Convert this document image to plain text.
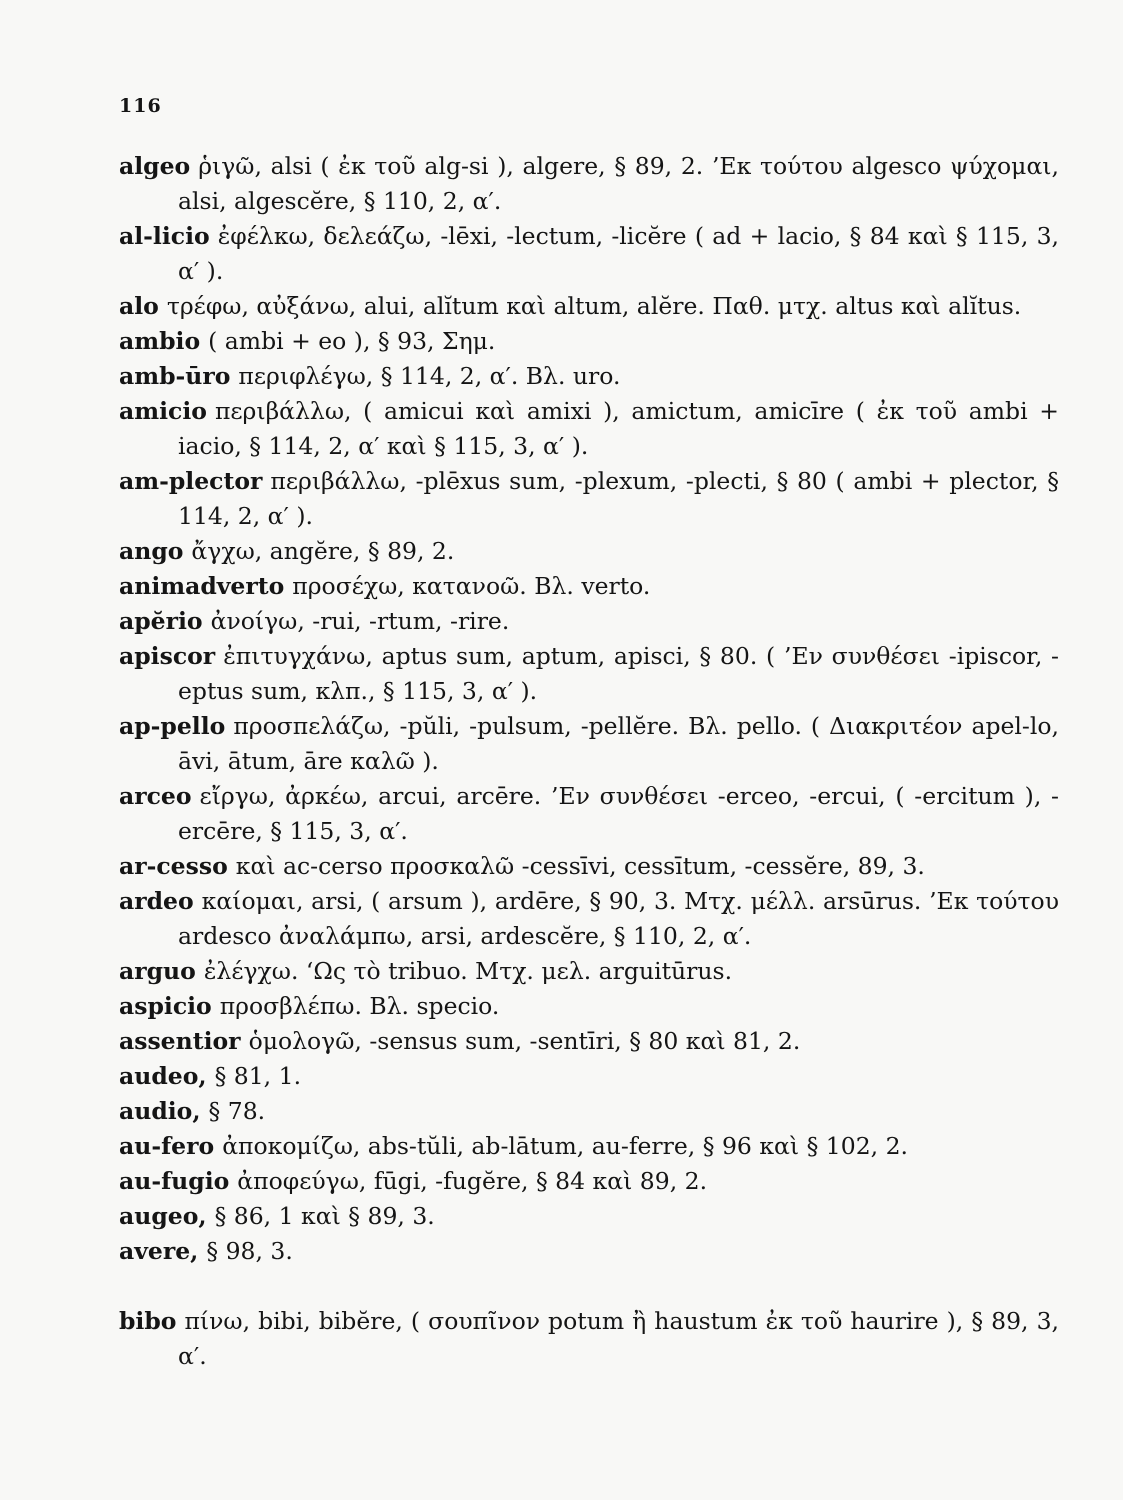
116

algeo ῥιγῶ, alsi ( ἐκ τοῦ alg-si ), algere, § 89, 2. ’Εκ τούτου algesco ψύχομαι, alsi, algescĕre, § 110, 2, α′.

al-licio ἐφέλκω, δελεάζω, -lēxi, -lectum, -licĕre ( ad + lacio, § 84 καὶ § 115, 3, α′ ).

alo τρέφω, αὐξάνω, alui, alĭtum καὶ altum, alĕre. Παθ. μτχ. altus καὶ alĭtus.

ambio ( ambi + eo ), § 93, Σημ.

amb-ūro περιφλέγω, § 114, 2, α′. Βλ. uro.

amicio περιβάλλω, ( amicui καὶ amixi ), amictum, amicīre ( ἐκ τοῦ ambi + iacio, § 114, 2, α′ καὶ § 115, 3, α′ ).

am-plector περιβάλλω, -plēxus sum, -plexum, -plecti, § 80 ( ambi + plector, § 114, 2, α′ ).

ango ἄγχω, angĕre, § 89, 2.

animadverto προσέχω, κατανοῶ. Βλ. verto.

apĕrio ἀνοίγω, -rui, -rtum, -rire.

apiscor ἐπιτυγχάνω, aptus sum, aptum, apisci, § 80. ( ’Εν συνθέσει -ipiscor, -eptus sum, κλπ., § 115, 3, α′ ).

ap-pello προσπελάζω, -pŭli, -pulsum, -pellĕre. Βλ. pello. ( Διακριτέον apel-lo, āvi, ātum, āre καλῶ ).

arceo εἴργω, ἀρκέω, arcui, arcēre. ’Εν συνθέσει -erceo, -ercui, ( -ercitum ), -ercēre, § 115, 3, α′.

ar-cesso καὶ ac-cerso προσκαλῶ -cessīvi, cessītum, -cessĕre, 89, 3.

ardeo καίομαι, arsi, ( arsum ), ardēre, § 90, 3. Μτχ. μέλλ. arsūrus. ’Εκ τούτου ardesco ἀναλάμπω, arsi, ardescĕre, § 110, 2, α′.

arguo ἐλέγχω. ‘Ως τὸ tribuo. Μτχ. μελ. arguitūrus.

aspicio προσβλέπω. Βλ. specio.

assentior ὁμολογῶ, -sensus sum, -sentīri, § 80 καὶ 81, 2.

audeo, § 81, 1.

audio, § 78.

au-fero ἀποκομίζω, abs-tŭli, ab-lātum, au-ferre, § 96 καὶ § 102, 2.

au-fugio ἀποφεύγω, fūgi, -fugĕre, § 84 καὶ 89, 2.

augeo, § 86, 1 καὶ § 89, 3.

avere, § 98, 3.

bibo πίνω, bibi, bibĕre, ( σουπῖνον potum ἢ haustum ἐκ τοῦ haurire ), § 89, 3, α′.
